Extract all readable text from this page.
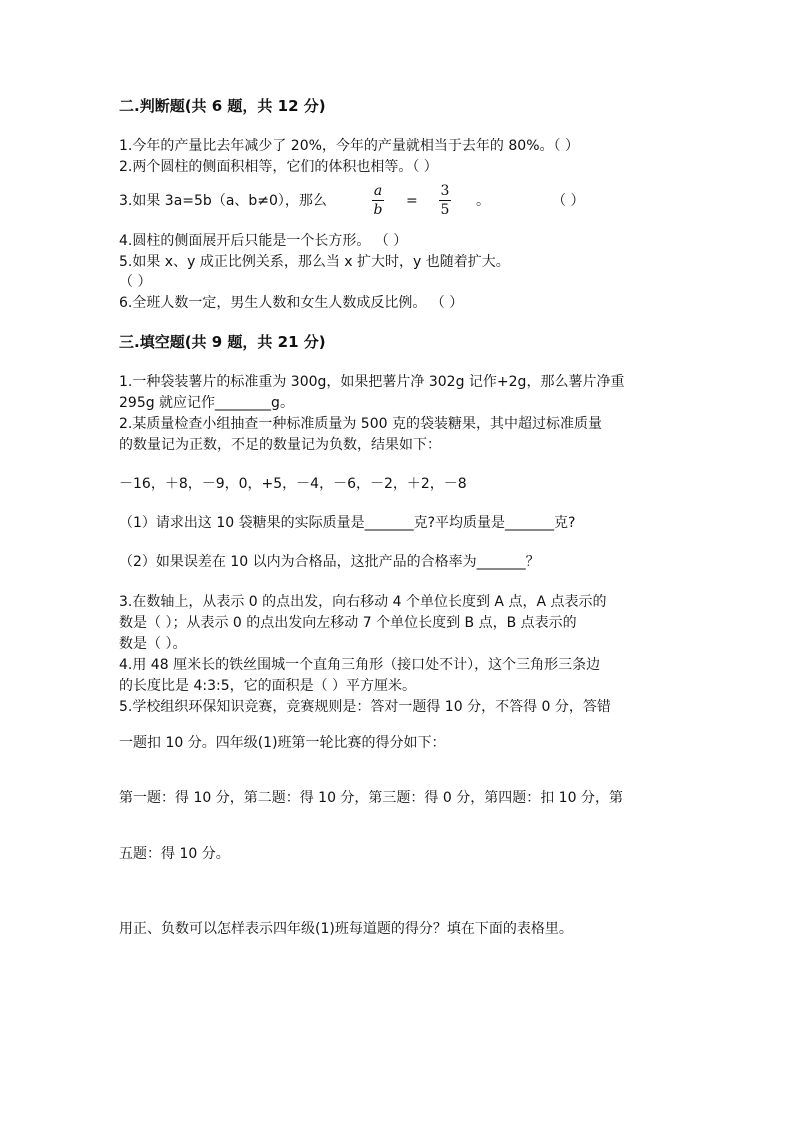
二.判断题(共 6 题，共 12 分)
1.今年的产量比去年减少了 20%，今年的产量就相当于去年的 80%。（ ）
2.两个圆柱的侧面积相等，它们的体积也相等。（ ）
3.如果 3a=5b（a、b≠0），那么
a
b
=
3
5
。	（ ）
4.圆柱的侧面展开后只能是一个长方形。 （ ）
5.如果 x、y 成正比例关系，那么当 x 扩大时，y 也随着扩大。
（ ）
6.全班人数一定，男生人数和女生人数成反比例。 （ ）
三.填空题(共 9 题，共 21 分)
1.一种袋装薯片的标准重为 300g，如果把薯片净 302g 记作+2g，那么薯片净重
295g 就应记作________g。
2.某质量检查小组抽查一种标准质量为 500 克的袋装糖果，其中超过标准质量
的数量记为正数，不足的数量记为负数，结果如下：
－16，＋8，－9，0，+5，－4，－6，－2，＋2，－8
（1）请求出这 10 袋糖果的实际质量是_______克?平均质量是_______克?
（2）如果误差在 10 以内为合格品，这批产品的合格率为_______？
3.在数轴上，从表示 0 的点出发，向右移动 4 个单位长度到 A 点，A 点表示的
数是（ ）；从表示 0 的点出发向左移动 7 个单位长度到 B 点，B 点表示的
数是（ ）。
4.用 48 厘米长的铁丝围城一个直角三角形（接口处不计），这个三角形三条边
的长度比是 4:3:5，它的面积是（ ）平方厘米。
5.学校组织环保知识竞赛，竞赛规则是：答对一题得 10 分，不答得 0 分，答错
一题扣 10 分。四年级(1)班第一轮比赛的得分如下：
第一题：得 10 分，第二题：得 10 分，第三题：得 0 分，第四题：扣 10 分，第
五题：得 10 分。
用正、负数可以怎样表示四年级(1)班每道题的得分？填在下面的表格里。
